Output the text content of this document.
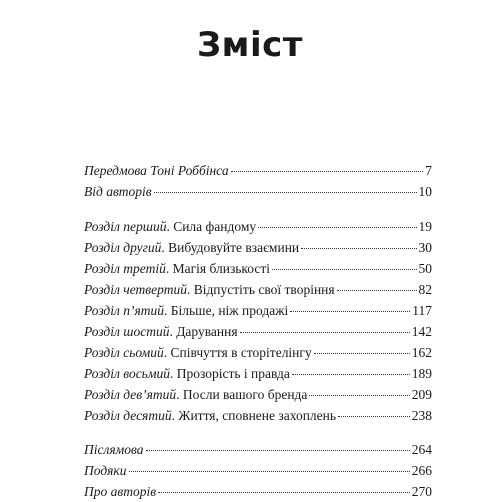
Зміст
Передмова Тоні Роббінса	7
Від авторів	10
Розділ перший. Сила фандому	19
Розділ другий. Вибудовуйте взаємини	30
Розділ третій. Магія близькості	50
Розділ четвертий. Відпустіть свої творіння	82
Розділ п’ятий. Більше, ніж продажі	117
Розділ шостий. Дарування	142
Розділ сьомий. Співчуття в сторітелінгу	162
Розділ восьмий. Прозорість і правда	189
Розділ дев’ятий. Посли вашого бренда	209
Розділ десятий. Життя, сповнене захоплень	238
Післямова	264
Подяки	266
Про авторів	270
